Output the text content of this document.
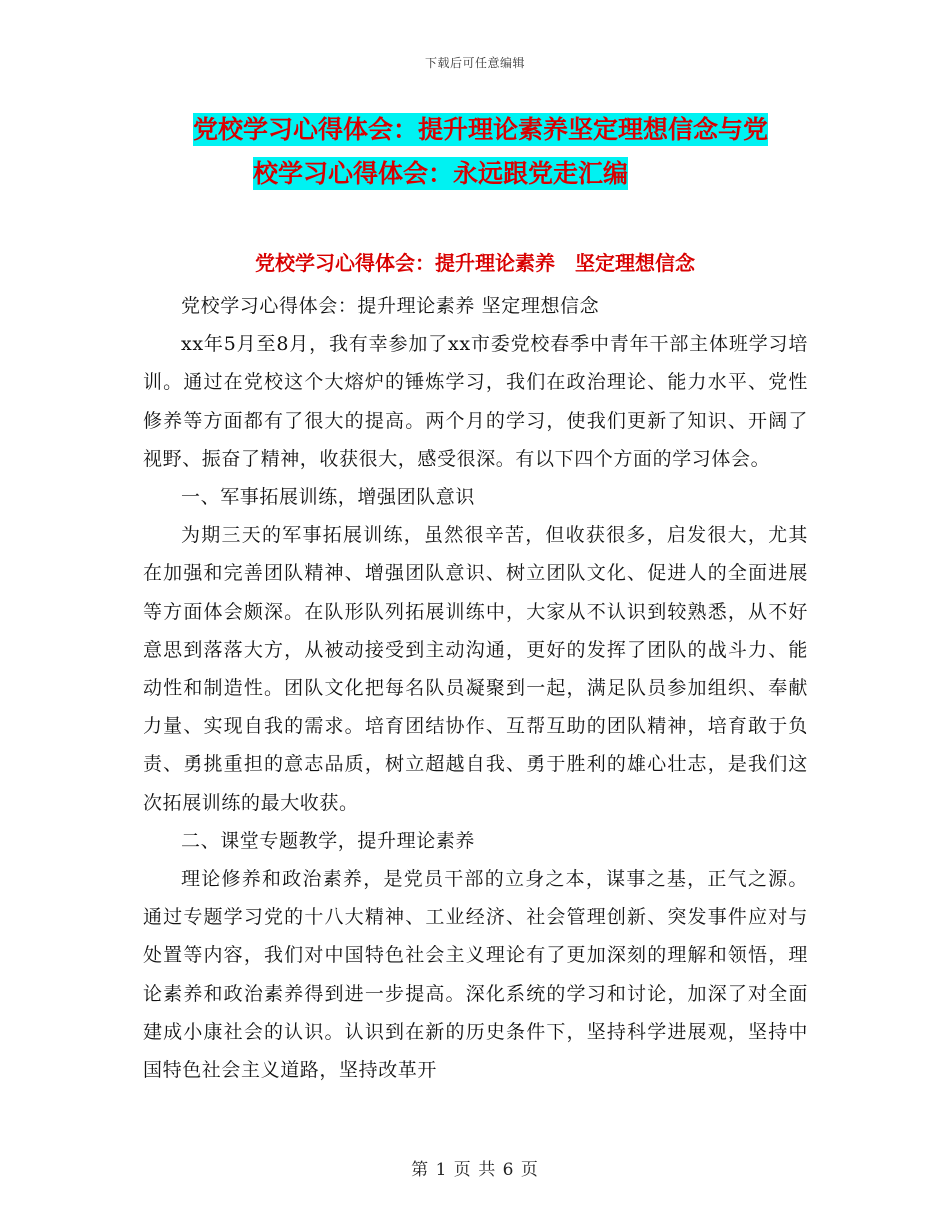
下载后可任意编辑
党校学习心得体会：提升理论素养坚定理想信念与党
校学习心得体会：永远跟党走汇编
党校学习心得体会：提升理论素养　坚定理想信念

党校学习心得体会：提升理论素养 坚定理想信念

xx年5月至8月，我有幸参加了xx市委党校春季中青年干部主体班学习培训。通过在党校这个大熔炉的锤炼学习，我们在政治理论、能力水平、党性修养等方面都有了很大的提高。两个月的学习，使我们更新了知识、开阔了视野、振奋了精神，收获很大，感受很深。有以下四个方面的学习体会。

一、军事拓展训练，增强团队意识

为期三天的军事拓展训练，虽然很辛苦，但收获很多，启发很大，尤其在加强和完善团队精神、增强团队意识、树立团队文化、促进人的全面进展等方面体会颇深。在队形队列拓展训练中，大家从不认识到较熟悉，从不好意思到落落大方，从被动接受到主动沟通，更好的发挥了团队的战斗力、能动性和制造性。团队文化把每名队员凝聚到一起，满足队员参加组织、奉献力量、实现自我的需求。培育团结协作、互帮互助的团队精神，培育敢于负责、勇挑重担的意志品质，树立超越自我、勇于胜利的雄心壮志，是我们这次拓展训练的最大收获。

二、课堂专题教学，提升理论素养

理论修养和政治素养，是党员干部的立身之本，谋事之基，正气之源。通过专题学习党的十八大精神、工业经济、社会管理创新、突发事件应对与处置等内容，我们对中国特色社会主义理论有了更加深刻的理解和领悟，理论素养和政治素养得到进一步提高。深化系统的学习和讨论，加深了对全面建成小康社会的认识。认识到在新的历史条件下，坚持科学进展观，坚持中国特色社会主义道路，坚持改革开

第 1 页 共 6 页
